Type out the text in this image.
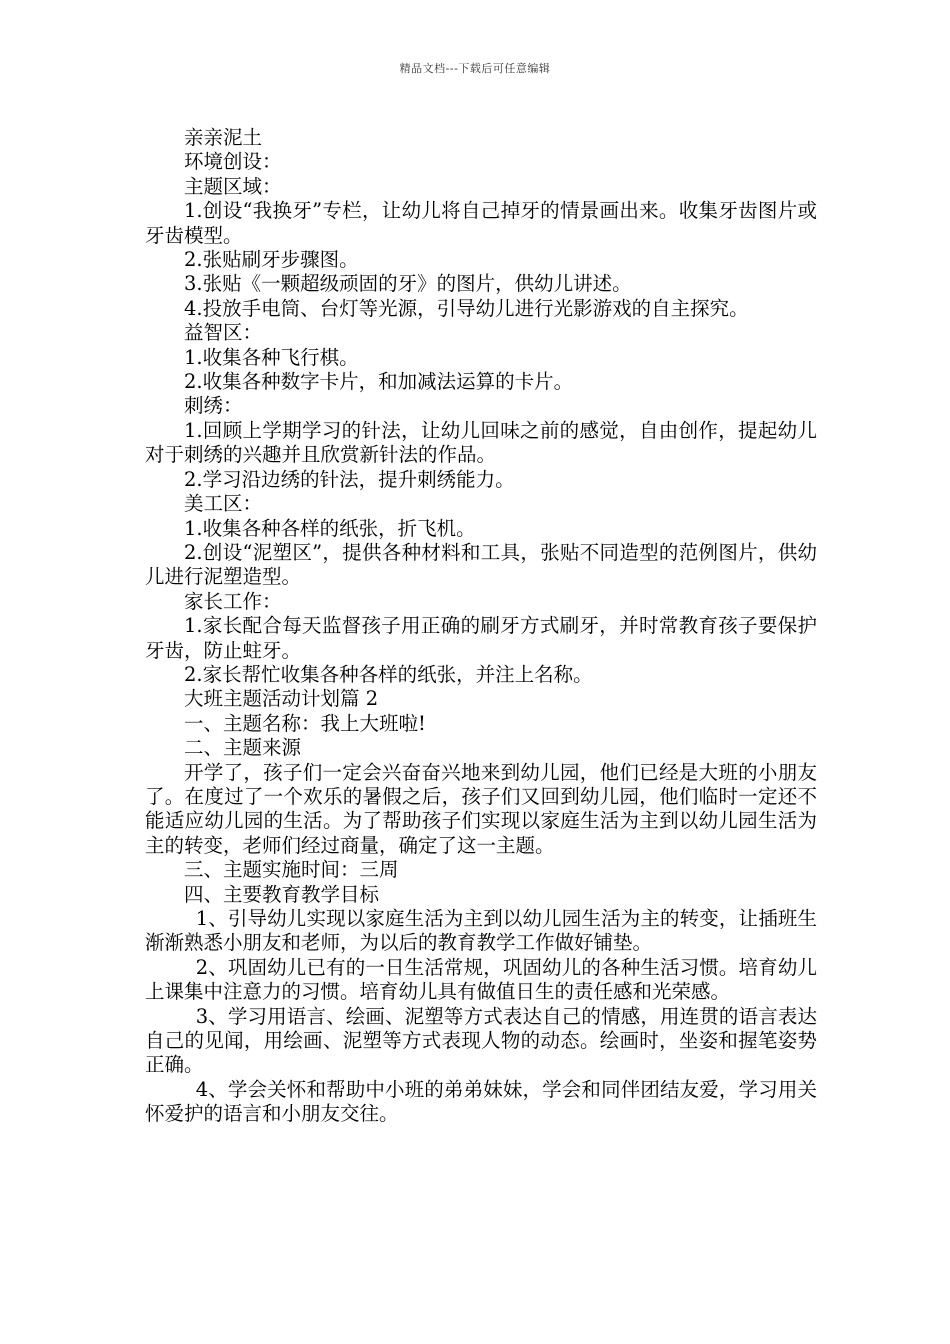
精品文档---下载后可任意编辑

亲亲泥土

环境创设：

主题区域：

1.创设“我换牙”专栏，让幼儿将自己掉牙的情景画出来。收集牙齿图片或牙齿模型。

2.张贴刷牙步骤图。

3.张贴《一颗超级顽固的牙》的图片，供幼儿讲述。

4.投放手电筒、台灯等光源，引导幼儿进行光影游戏的自主探究。

益智区：

1.收集各种飞行棋。

2.收集各种数字卡片，和加减法运算的卡片。

刺绣：

1.回顾上学期学习的针法，让幼儿回味之前的感觉，自由创作，提起幼儿对于刺绣的兴趣并且欣赏新针法的作品。

2.学习沿边绣的针法，提升刺绣能力。

美工区：

1.收集各种各样的纸张，折飞机。

2.创设“泥塑区”，提供各种材料和工具，张贴不同造型的范例图片，供幼儿进行泥塑造型。

家长工作：

1.家长配合每天监督孩子用正确的刷牙方式刷牙，并时常教育孩子要保护牙齿，防止蛀牙。

2.家长帮忙收集各种各样的纸张，并注上名称。

大班主题活动计划篇 2

一、主题名称：我上大班啦!

二、主题来源

开学了，孩子们一定会兴奋奋兴地来到幼儿园，他们已经是大班的小朋友了。在度过了一个欢乐的暑假之后，孩子们又回到幼儿园，他们临时一定还不能适应幼儿园的生活。为了帮助孩子们实现以家庭生活为主到以幼儿园生活为主的转变，老师们经过商量，确定了这一主题。

三、主题实施时间：三周

四、主要教育教学目标

1、引导幼儿实现以家庭生活为主到以幼儿园生活为主的转变，让插班生渐渐熟悉小朋友和老师，为以后的教育教学工作做好铺垫。

2、巩固幼儿已有的一日生活常规，巩固幼儿的各种生活习惯。培育幼儿上课集中注意力的习惯。培育幼儿具有做值日生的责任感和光荣感。

3、学习用语言、绘画、泥塑等方式表达自己的情感，用连贯的语言表达自己的见闻，用绘画、泥塑等方式表现人物的动态。绘画时，坐姿和握笔姿势正确。

4、学会关怀和帮助中小班的弟弟妹妹，学会和同伴团结友爱，学习用关怀爱护的语言和小朋友交往。
